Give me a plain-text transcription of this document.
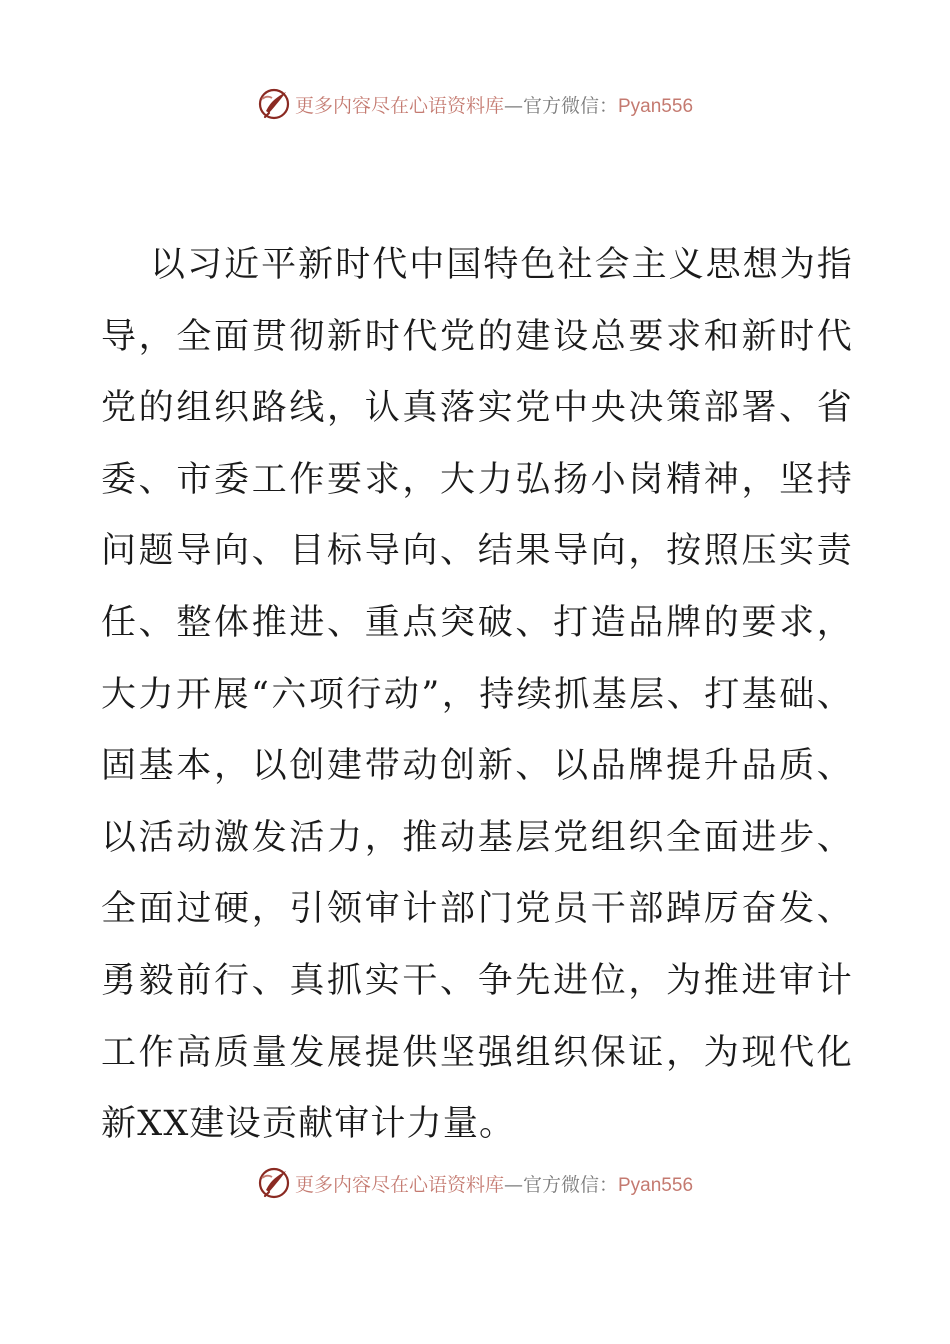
更多内容尽在心语资料库—官方微信：Pyan556

以习近平新时代中国特色社会主义思想为指导，全面贯彻新时代党的建设总要求和新时代党的组织路线，认真落实党中央决策部署、省委、市委工作要求，大力弘扬小岗精神，坚持问题导向、目标导向、结果导向，按照压实责任、整体推进、重点突破、打造品牌的要求，大力开展“六项行动”，持续抓基层、打基础、固基本，以创建带动创新、以品牌提升品质、以活动激发活力，推动基层党组织全面进步、全面过硬，引领审计部门党员干部踔厉奋发、勇毅前行、真抓实干、争先进位，为推进审计工作高质量发展提供坚强组织保证，为现代化新XX建设贡献审计力量。

更多内容尽在心语资料库—官方微信：Pyan556
